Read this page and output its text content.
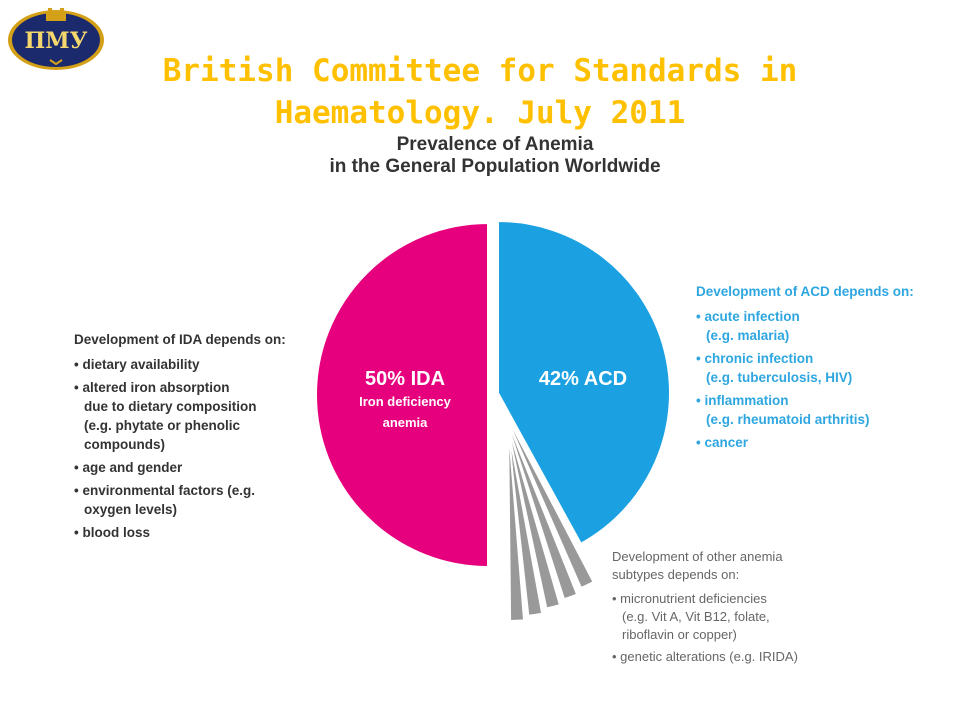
ПМУ
British Committee for Standards in
Haematology. July 2011
Prevalence of Anemia
in the General Population Worldwide
50% IDA
Iron deficiency
anemia
42% ACD
Development of IDA depends on:
• dietary availability
• altered iron absorption
due to dietary composition
(e.g. phytate or phenolic
compounds)
• age and gender
• environmental factors (e.g.
oxygen levels)
• blood loss
Development of ACD depends on:
• acute infection
(e.g. malaria)
• chronic infection
(e.g. tuberculosis, HIV)
• inflammation
(e.g. rheumatoid arthritis)
• cancer
Development of other anemia
subtypes depends on:
• micronutrient deficiencies
(e.g. Vit A, Vit B12, folate,
riboflavin or copper)
• genetic alterations (e.g. IRIDA)
